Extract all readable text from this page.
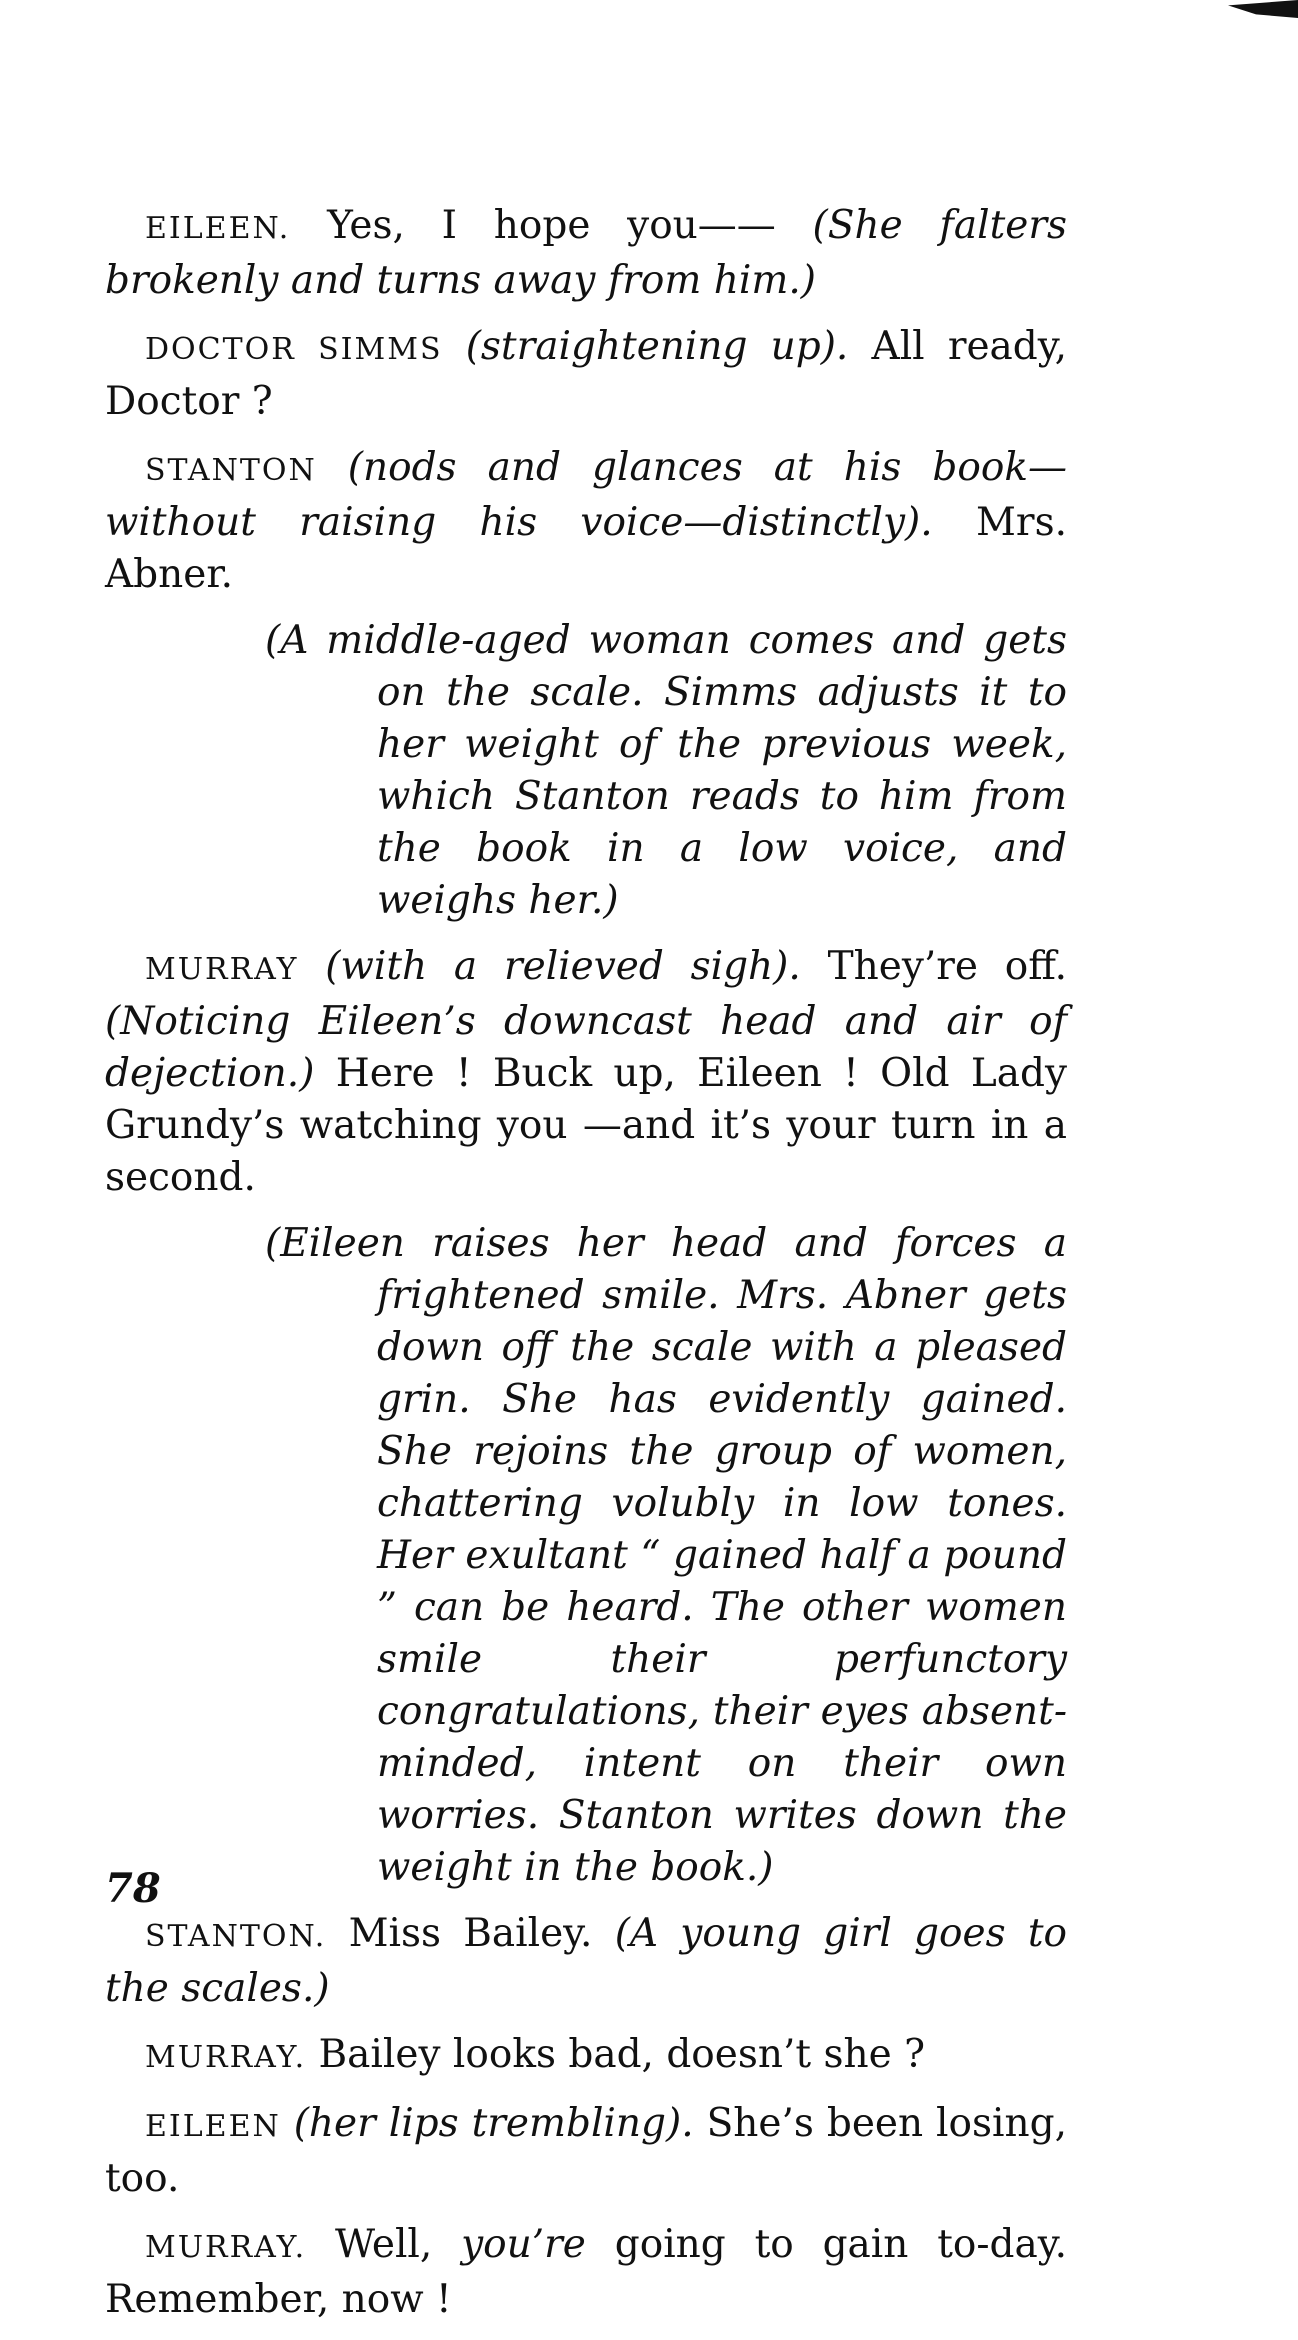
EILEEN. Yes, I hope you—— (She falters brokenly and turns away from him.)

DOCTOR SIMMS (straightening up). All ready, Doctor ?

STANTON (nods and glances at his book—without raising his voice—distinctly). Mrs. Abner.

(A middle-aged woman comes and gets on the scale. Simms adjusts it to her weight of the previous week, which Stanton reads to him from the book in a low voice, and weighs her.)

MURRAY (with a relieved sigh). They’re off. (Noticing Eileen’s downcast head and air of dejection.) Here ! Buck up, Eileen ! Old Lady Grundy’s watching you —and it’s your turn in a second.

(Eileen raises her head and forces a frightened smile. Mrs. Abner gets down off the scale with a pleased grin. She has evidently gained. She rejoins the group of women, chattering volubly in low tones. Her exultant “ gained half a pound ” can be heard. The other women smile their perfunctory congratulations, their eyes absent-minded, intent on their own worries. Stanton writes down the weight in the book.)

STANTON. Miss Bailey. (A young girl goes to the scales.)

MURRAY. Bailey looks bad, doesn’t she ?

EILEEN (her lips trembling). She’s been losing, too.

MURRAY. Well, you’re going to gain to-day. Remember, now !

78
